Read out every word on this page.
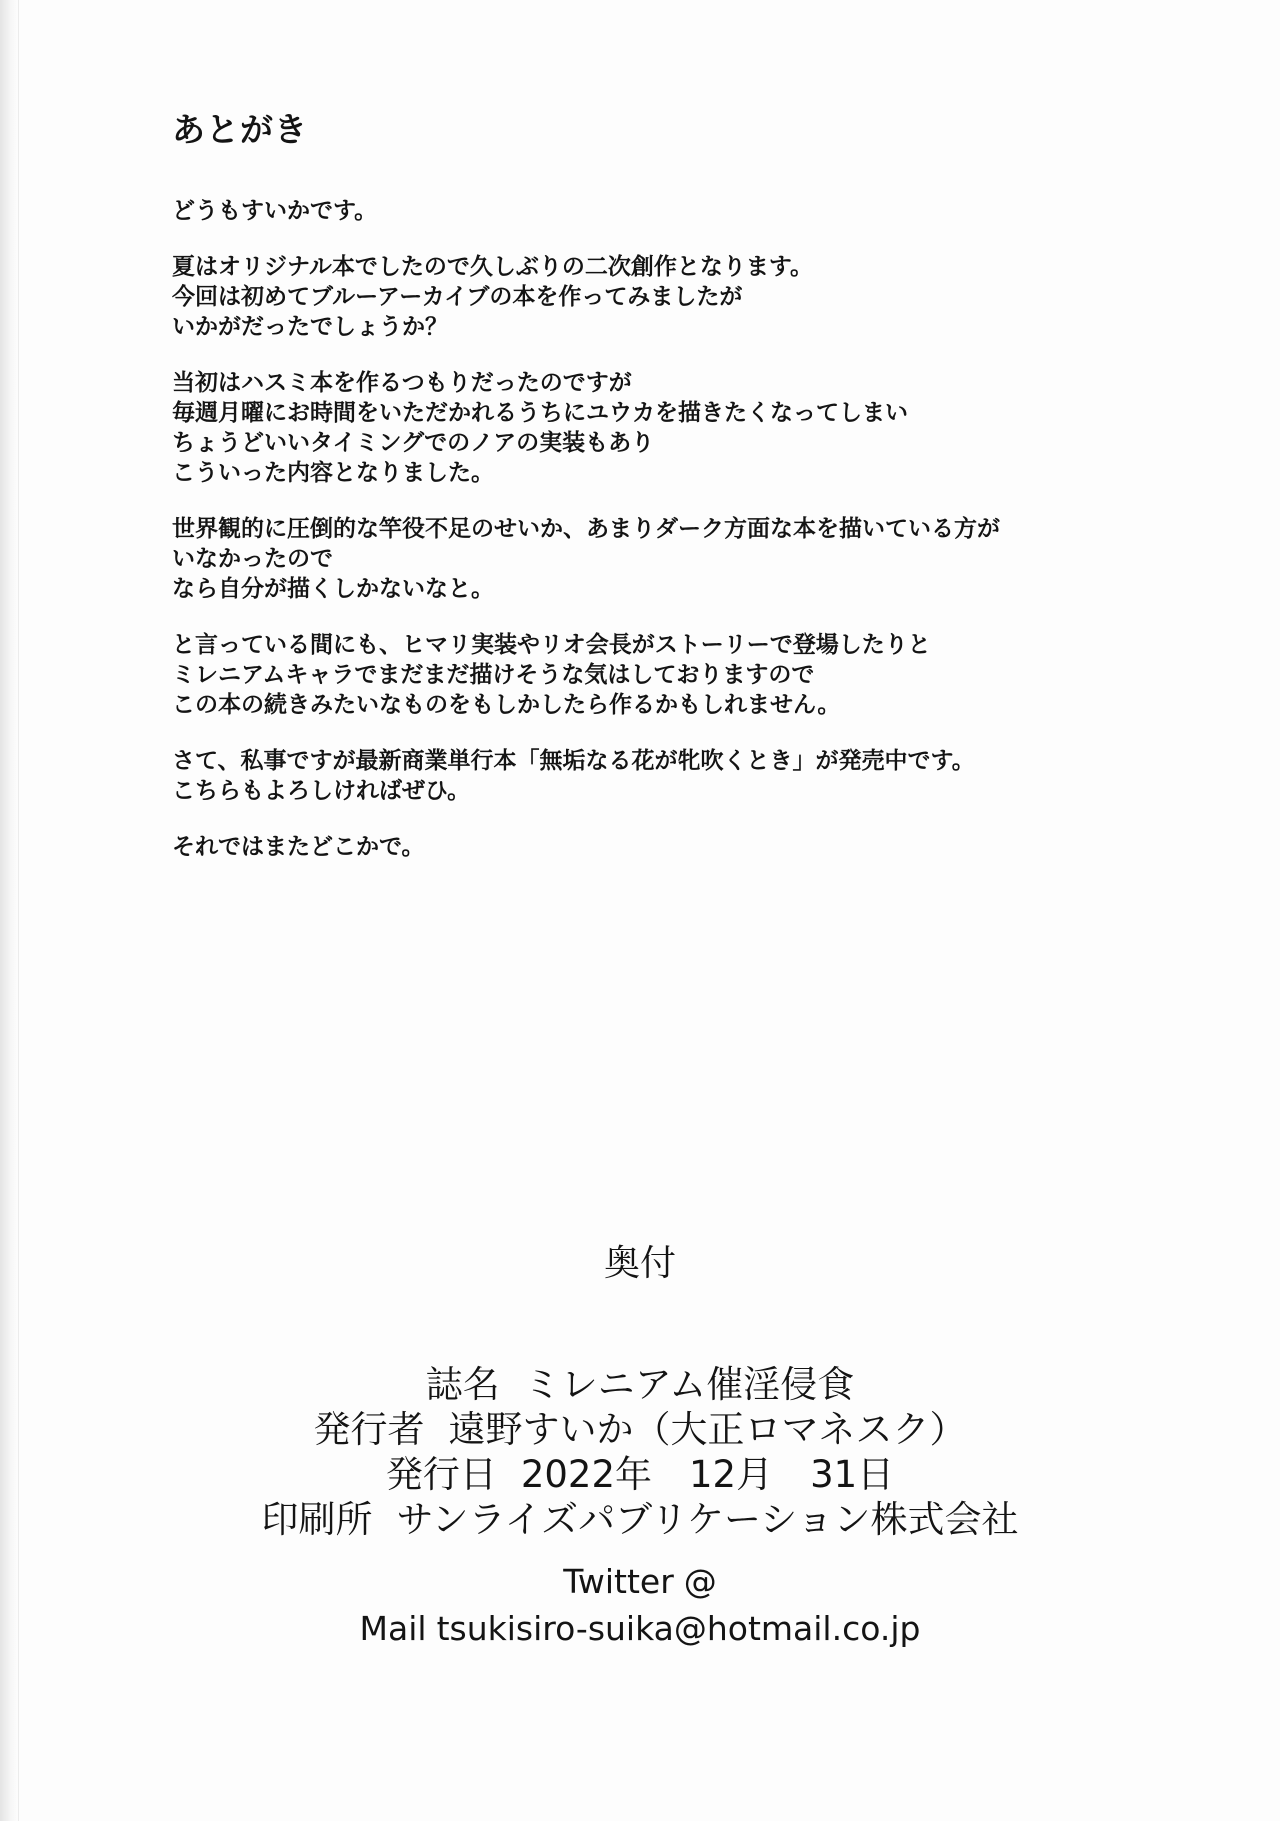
あとがき
どうもすいかです。
夏はオリジナル本でしたので久しぶりの二次創作となります。
今回は初めてブルーアーカイブの本を作ってみましたが
いかがだったでしょうか？
当初はハスミ本を作るつもりだったのですが
毎週月曜にお時間をいただかれるうちにユウカを描きたくなってしまい
ちょうどいいタイミングでのノアの実装もあり
こういった内容となりました。
世界観的に圧倒的な竿役不足のせいか、あまりダーク方面な本を描いている方が
いなかったので
なら自分が描くしかないなと。
と言っている間にも、ヒマリ実装やリオ会長がストーリーで登場したりと
ミレニアムキャラでまだまだ描けそうな気はしておりますので
この本の続きみたいなものをもしかしたら作るかもしれません。
さて、私事ですが最新商業単行本「無垢なる花が牝吹くとき」が発売中です。
こちらもよろしければぜひ。
それではまたどこかで。
奥付
誌名 ミレニアム催淫侵食
発行者 遠野すいか（大正ロマネスク）
発行日 2022年　12月　31日
印刷所 サンライズパブリケーション株式会社
Twitter @
Mail tsukisiro-suika@hotmail.co.jp
